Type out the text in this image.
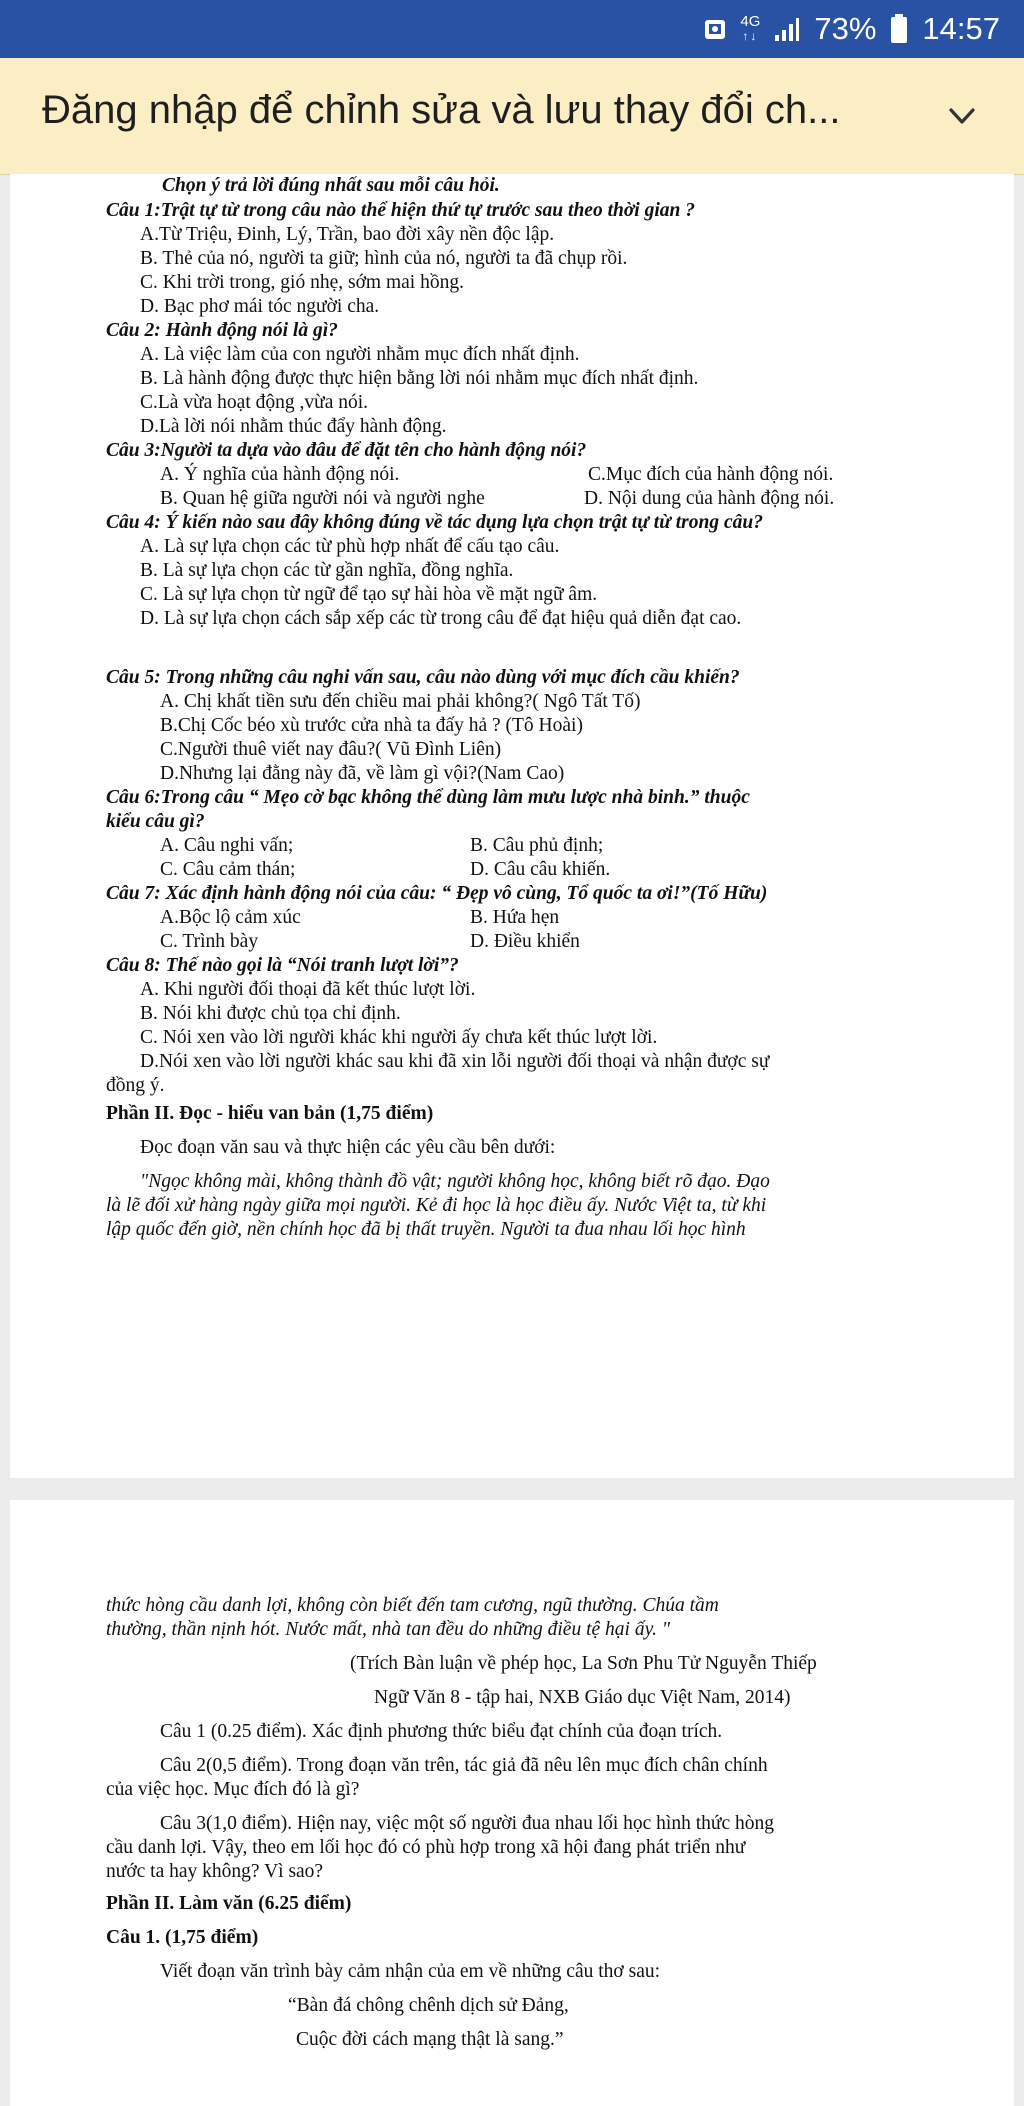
4G
↑↓ 73% 14:57
Đăng nhập để chỉnh sửa và lưu thay đổi ch...
Chọn ý trả lời đúng nhất sau mỗi câu hỏi.
Câu 1:Trật tự từ trong câu nào thể hiện thứ tự trước sau theo thời gian ?
A.Từ Triệu, Đinh, Lý, Trần, bao đời xây nền độc lập.
B. Thẻ của nó, người ta giữ; hình của nó, người ta đã chụp rồi.
C. Khi trời trong, gió nhẹ, sớm mai hồng.
D. Bạc phơ mái tóc người cha.
Câu 2: Hành động nói là gì?
A. Là việc làm của con người nhằm mục đích nhất định.
B. Là hành động được thực hiện bằng lời nói nhằm mục đích nhất định.
C.Là vừa hoạt động ,vừa nói.
D.Là lời nói nhằm thúc đẩy hành động.
Câu 3:Người ta dựa vào đâu để đặt tên cho hành động nói?
A. Ý nghĩa của hành động nói.	C.Mục đích của hành động nói.
B. Quan hệ giữa người nói và người nghe	D. Nội dung của hành động nói.
Câu 4: Ý kiến nào sau đây không đúng về tác dụng lựa chọn trật tự từ trong câu?
A. Là sự lựa chọn các từ phù hợp nhất để cấu tạo câu.
B. Là sự lựa chọn các từ gần nghĩa, đồng nghĩa.
C. Là sự lựa chọn từ ngữ để tạo sự hài hòa về mặt ngữ âm.
D. Là sự lựa chọn cách sắp xếp các từ trong câu để đạt hiệu quả diễn đạt cao.
Câu 5: Trong những câu nghi vấn sau, câu nào dùng với mục đích cầu khiến?
A. Chị khất tiền sưu đến chiều mai phải không?( Ngô Tất Tố)
B.Chị Cốc béo xù trước cửa nhà ta đấy hả ? (Tô Hoài)
C.Người thuê viết nay đâu?( Vũ Đình Liên)
D.Nhưng lại đằng này đã, về làm gì vội?(Nam Cao)
Câu 6:Trong câu “ Mẹo cờ bạc không thể dùng làm mưu lược nhà binh.” thuộc
kiểu câu gì?
A. Câu nghi vấn;	B. Câu phủ định;
C. Câu cảm thán;	D. Câu câu khiến.
Câu 7: Xác định hành động nói của câu: “ Đẹp vô cùng, Tổ quốc ta ơi!”(Tố Hữu)
A.Bộc lộ cảm xúc	B. Hứa hẹn
C. Trình bày	D. Điều khiển
Câu 8: Thế nào gọi là “Nói tranh lượt lời”?
A. Khi người đối thoại đã kết thúc lượt lời.
B. Nói khi được chủ tọa chỉ định.
C. Nói xen vào lời người khác khi người ấy chưa kết thúc lượt lời.
D.Nói xen vào lời người khác sau khi đã xin lỗi người đối thoại và nhận được sự
đồng ý.
Phần II. Đọc - hiểu van bản (1,75 điểm)
Đọc đoạn văn sau và thực hiện các yêu cầu bên dưới:
"Ngọc không mài, không thành đồ vật; người không học, không biết rõ đạo. Đạo
là lẽ đối xử hàng ngày giữa mọi người. Kẻ đi học là học điều ấy. Nước Việt ta, từ khi
lập quốc đến giờ, nền chính học đã bị thất truyền. Người ta đua nhau lối học hình
thức hòng cầu danh lợi, không còn biết đến tam cương, ngũ thường. Chúa tầm
thường, thần nịnh hót. Nước mất, nhà tan đều do những điều tệ hại ấy. "
(Trích Bàn luận về phép học, La Sơn Phu Tử Nguyễn Thiếp
Ngữ Văn 8 - tập hai, NXB Giáo dục Việt Nam, 2014)
Câu 1 (0.25 điểm). Xác định phương thức biểu đạt chính của đoạn trích.
Câu 2(0,5 điểm). Trong đoạn văn trên, tác giả đã nêu lên mục đích chân chính
của việc học. Mục đích đó là gì?
Câu 3(1,0 điểm). Hiện nay, việc một số người đua nhau lối học hình thức hòng
cầu danh lợi. Vậy, theo em lối học đó có phù hợp trong xã hội đang phát triển như
nước ta hay không? Vì sao?
Phần II. Làm văn (6.25 điểm)
Câu 1. (1,75 điểm)
Viết đoạn văn trình bày cảm nhận của em về những câu thơ sau:
“Bàn đá chông chênh dịch sử Đảng,
Cuộc đời cách mạng thật là sang.”
